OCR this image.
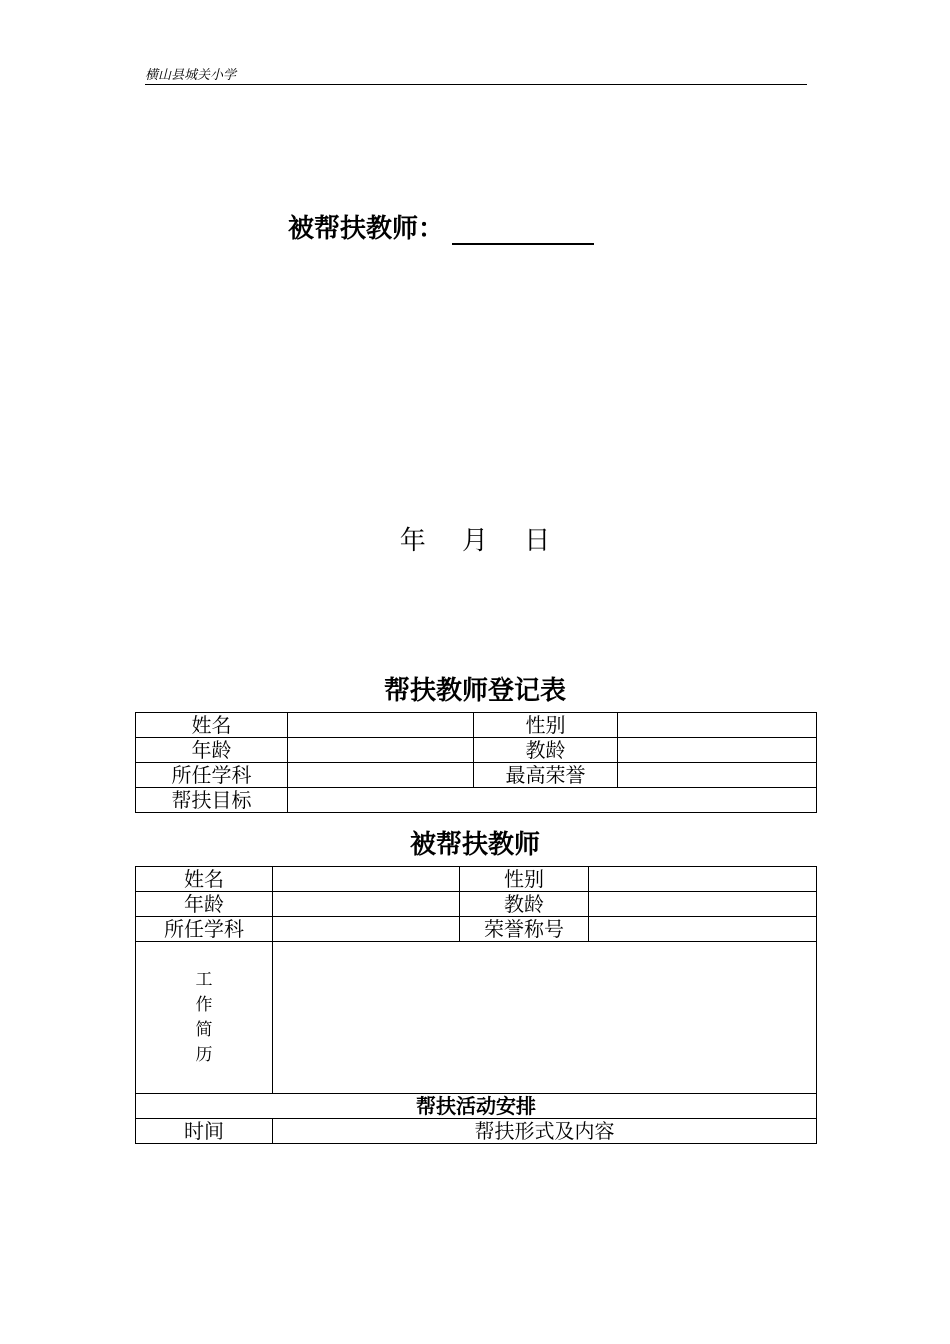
横山县城关小学
被帮扶教师：
年 月 日
帮扶教师登记表
姓名		性别	
年龄		教龄	
所任学科		最高荣誉	
帮扶目标			
被帮扶教师
姓名		性别	
年龄		教龄	
所任学科		荣誉称号	

工
作
简
历			

帮扶活动安排			
时间	帮扶形式及内容		
